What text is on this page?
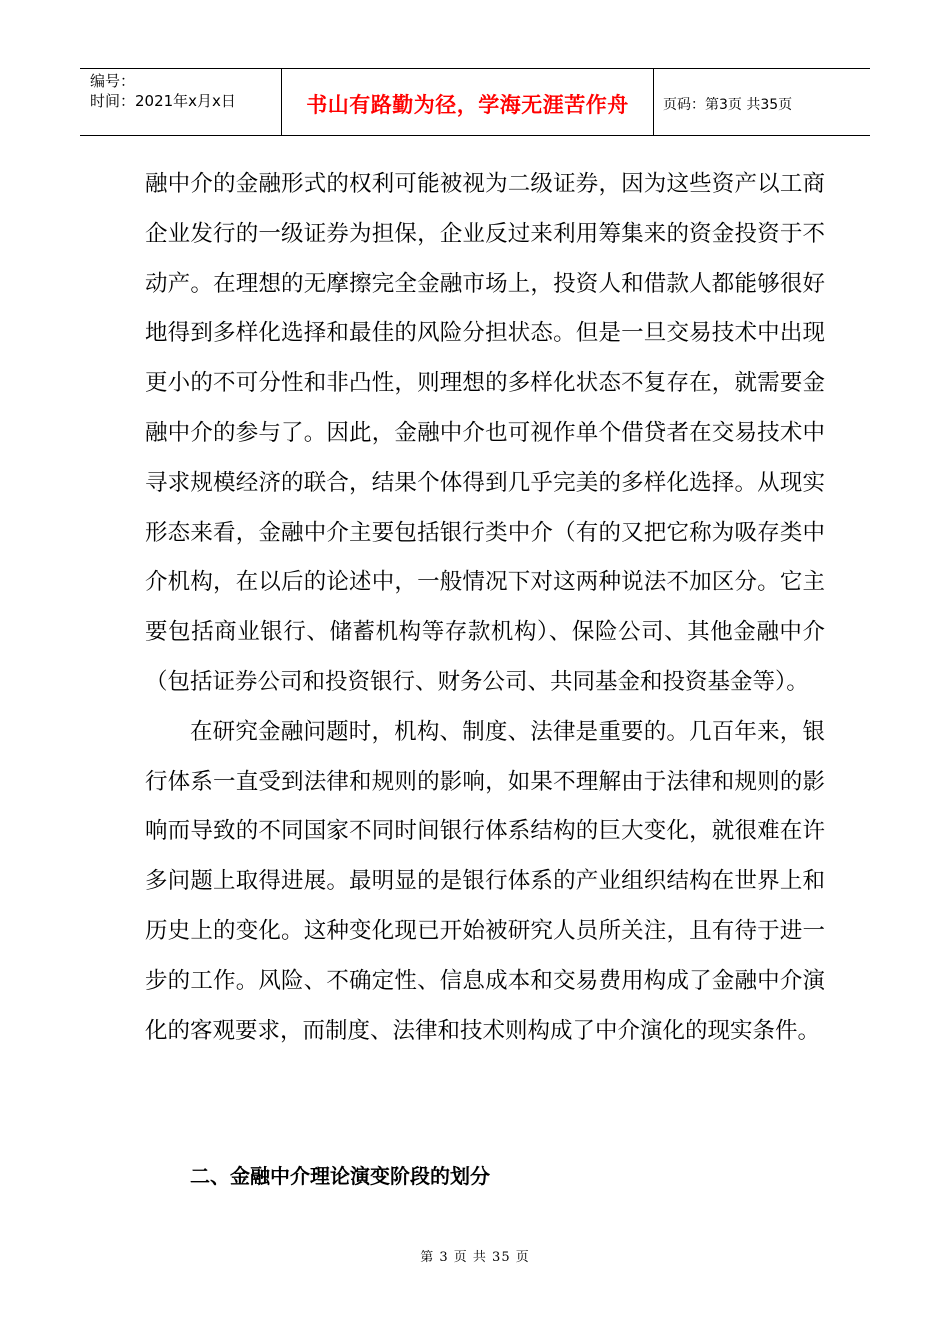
编号：
时间：2021年x月x日	书山有路勤为径，学海无涯苦作舟 页码：第3页 共35页

融中介的金融形式的权利可能被视为二级证券，因为这些资产以工商企业发行的一级证券为担保，企业反过来利用筹集来的资金投资于不动产。在理想的无摩擦完全金融市场上，投资人和借款人都能够很好地得到多样化选择和最佳的风险分担状态。但是一旦交易技术中出现更小的不可分性和非凸性，则理想的多样化状态不复存在，就需要金融中介的参与了。因此，金融中介也可视作单个借贷者在交易技术中寻求规模经济的联合，结果个体得到几乎完美的多样化选择。从现实形态来看，金融中介主要包括银行类中介（有的又把它称为吸存类中介机构，在以后的论述中，一般情况下对这两种说法不加区分。它主要包括商业银行、储蓄机构等存款机构）、保险公司、其他金融中介（包括证券公司和投资银行、财务公司、共同基金和投资基金等）。

在研究金融问题时，机构、制度、法律是重要的。几百年来，银行体系一直受到法律和规则的影响，如果不理解由于法律和规则的影响而导致的不同国家不同时间银行体系结构的巨大变化，就很难在许多问题上取得进展。最明显的是银行体系的产业组织结构在世界上和历史上的变化。这种变化现已开始被研究人员所关注，且有待于进一步的工作。风险、不确定性、信息成本和交易费用构成了金融中介演化的客观要求，而制度、法律和技术则构成了中介演化的现实条件。

二、金融中介理论演变阶段的划分
第 3 页 共 35 页
